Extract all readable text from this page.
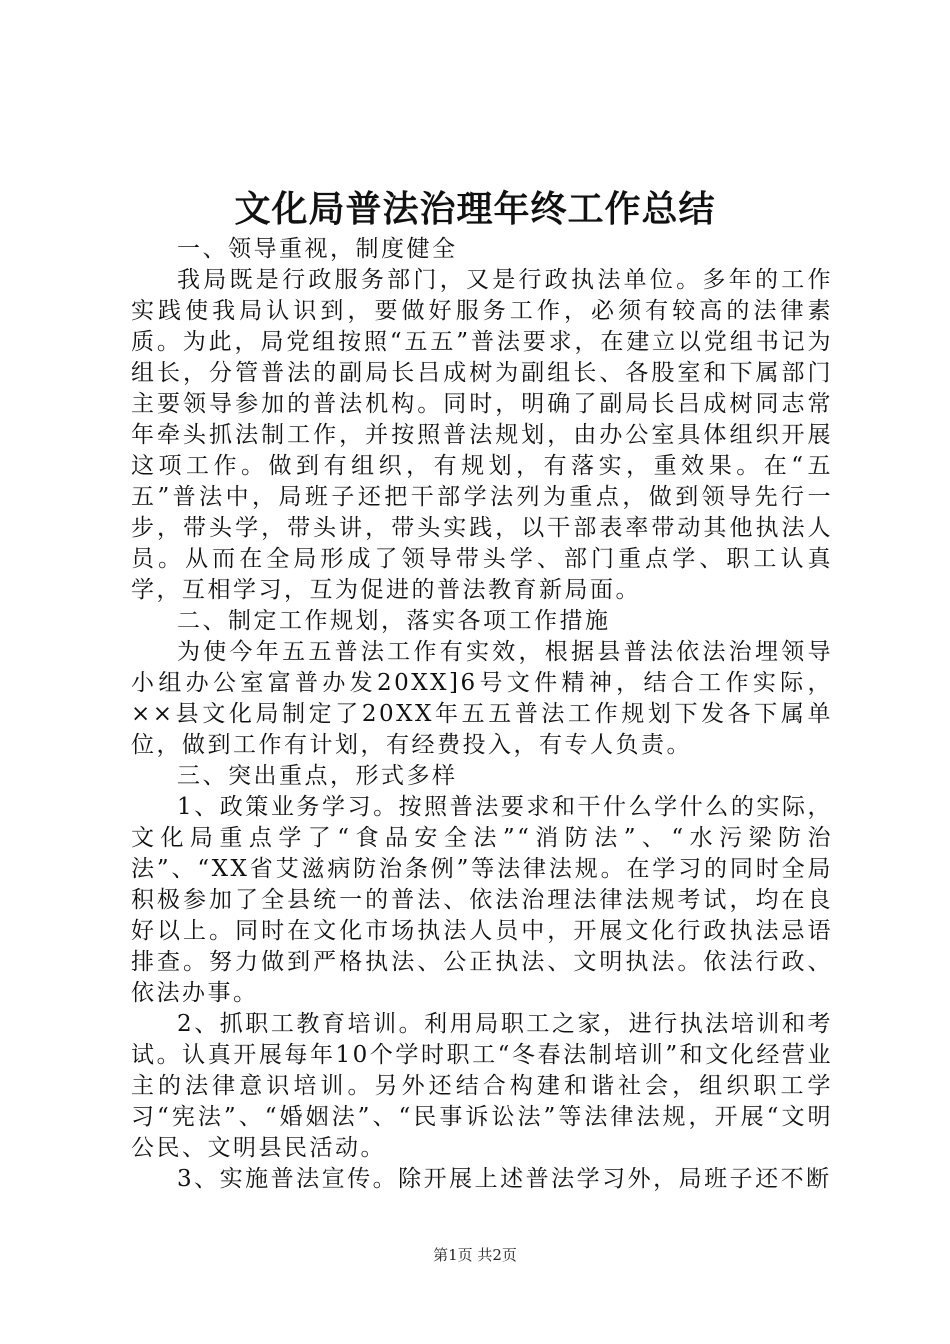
文化局普法治理年终工作总结

一、领导重视，制度健全

我局既是行政服务部门，又是行政执法单位。多年的工作实践使我局认识到，要做好服务工作，必须有较高的法律素质。为此，局党组按照“五五”普法要求，在建立以党组书记为组长，分管普法的副局长吕成树为副组长、各股室和下属部门主要领导参加的普法机构。同时，明确了副局长吕成树同志常年牵头抓法制工作，并按照普法规划，由办公室具体组织开展这项工作。做到有组织，有规划，有落实，重效果。在“五五”普法中，局班子还把干部学法列为重点，做到领导先行一步，带头学，带头讲，带头实践，以干部表率带动其他执法人员。从而在全局形成了领导带头学、部门重点学、职工认真学，互相学习，互为促进的普法教育新局面。

二、制定工作规划，落实各项工作措施

为使今年五五普法工作有实效，根据县普法依法治埋领导小组办公室富普办发20XX]6号文件精神，结合工作实际，××县文化局制定了20XX年五五普法工作规划下发各下属单位，做到工作有计划，有经费投入，有专人负责。

三、突出重点，形式多样

1、政策业务学习。按照普法要求和干什么学什么的实际，文化局重点学了“食品安全法”“消防法”、“水污梁防治法”、“XX省艾滋病防治条例”等法律法规。在学习的同时全局积极参加了全县统一的普法、依法治理法律法规考试，均在良好以上。同时在文化市场执法人员中，开展文化行政执法忌语排查。努力做到严格执法、公正执法、文明执法。依法行政、依法办事。

2、抓职工教育培训。利用局职工之家，进行执法培训和考试。认真开展每年10个学时职工“冬春法制培训”和文化经营业主的法律意识培训。另外还结合构建和谐社会，组织职工学习“宪法”、“婚姻法”、“民事诉讼法”等法律法规，开展“文明公民、文明县民活动。

3、实施普法宣传。除开展上述普法学习外，局班子还不断

第1页 共2页
